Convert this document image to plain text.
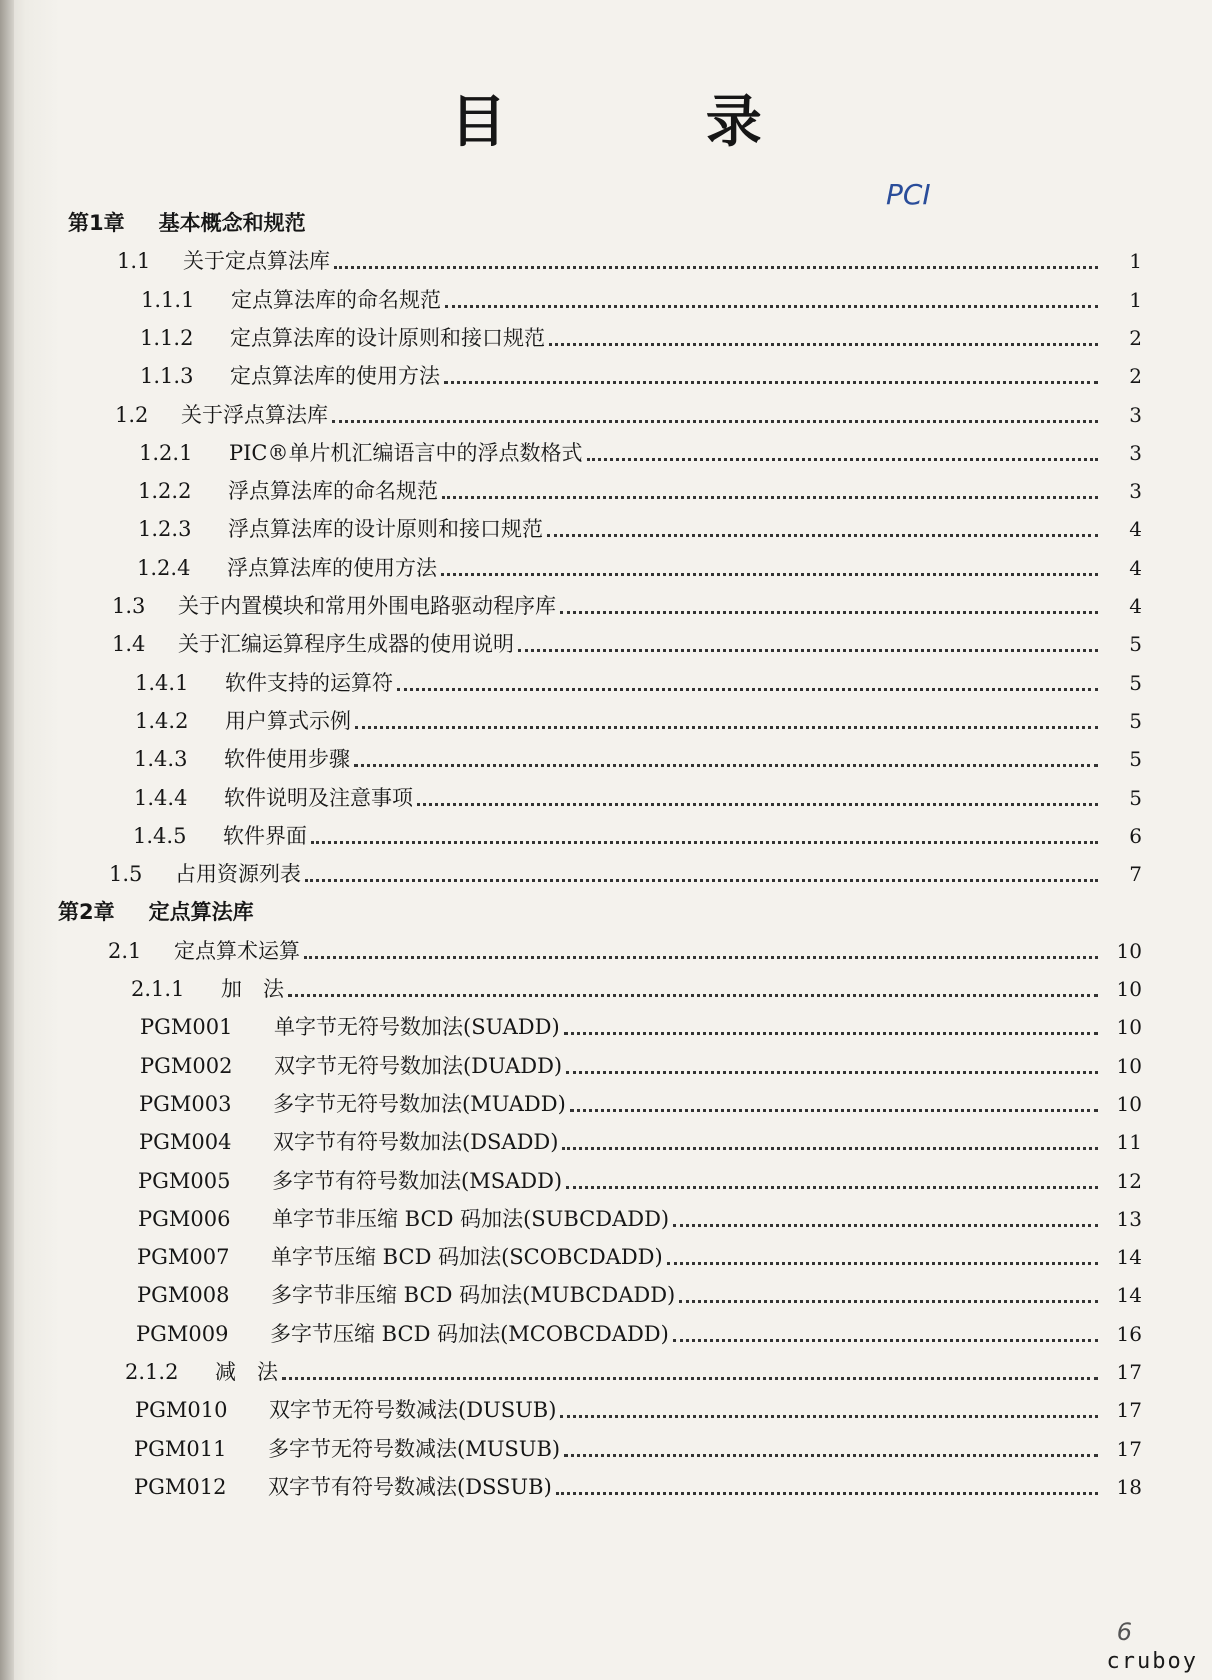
目 录
PCI
第1章 基本概念和规范
1.1	关于定点算法库	1
1.1.1	定点算法库的命名规范	1
1.1.2	定点算法库的设计原则和接口规范	2
1.1.3	定点算法库的使用方法	2
1.2	关于浮点算法库	3
1.2.1	PIC®单片机汇编语言中的浮点数格式	3
1.2.2	浮点算法库的命名规范	3
1.2.3	浮点算法库的设计原则和接口规范	4
1.2.4	浮点算法库的使用方法	4
1.3	关于内置模块和常用外围电路驱动程序库	4
1.4	关于汇编运算程序生成器的使用说明	5
1.4.1	软件支持的运算符	5
1.4.2	用户算式示例	5
1.4.3	软件使用步骤	5
1.4.4	软件说明及注意事项	5
1.4.5	软件界面	6
1.5	占用资源列表	7
第2章 定点算法库
2.1	定点算术运算	10
2.1.1	加　法	10
PGM001	单字节无符号数加法(SUADD)	10
PGM002	双字节无符号数加法(DUADD)	10
PGM003	多字节无符号数加法(MUADD)	10
PGM004	双字节有符号数加法(DSADD)	11
PGM005	多字节有符号数加法(MSADD)	12
PGM006	单字节非压缩 BCD 码加法(SUBCDADD)	13
PGM007	单字节压缩 BCD 码加法(SCOBCDADD)	14
PGM008	多字节非压缩 BCD 码加法(MUBCDADD)	14
PGM009	多字节压缩 BCD 码加法(MCOBCDADD)	16
2.1.2	减　法	17
PGM010	双字节无符号数减法(DUSUB)	17
PGM011	多字节无符号数减法(MUSUB)	17
PGM012	双字节有符号数减法(DSSUB)	18
6
cruboy
